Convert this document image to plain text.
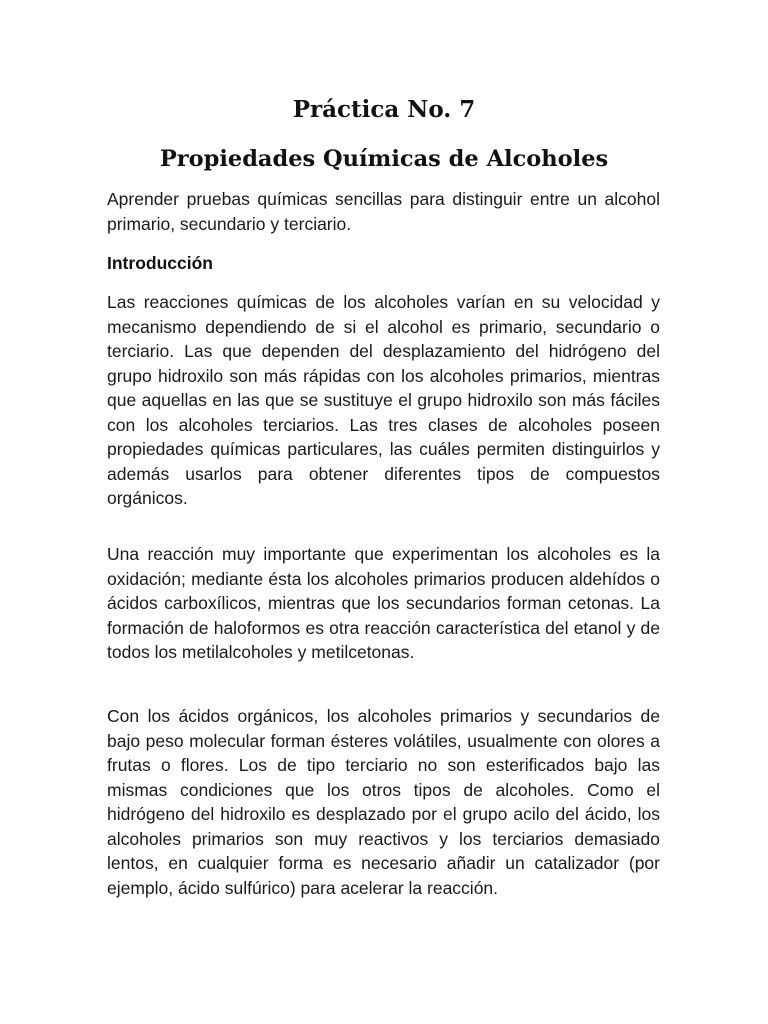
Práctica No. 7
Propiedades Químicas de Alcoholes

Aprender pruebas químicas sencillas para distinguir entre un alcohol primario, secundario y terciario.

Introducción

Las reacciones químicas de los alcoholes varían en su velocidad y mecanismo dependiendo de si el alcohol es primario, secundario o terciario. Las que dependen del desplazamiento del hidrógeno del grupo hidroxilo son más rápidas con los alcoholes primarios, mientras que aquellas en las que se sustituye el grupo hidroxilo son más fáciles con los alcoholes terciarios. Las tres clases de alcoholes poseen propiedades químicas particulares, las cuáles permiten distinguirlos y además usarlos para obtener diferentes tipos de compuestos orgánicos.

Una reacción muy importante que experimentan los alcoholes es la oxidación; mediante ésta los alcoholes primarios producen aldehídos o ácidos carboxílicos, mientras que los secundarios forman cetonas. La formación de haloformos es otra reacción característica del etanol y de todos los metilalcoholes y metilcetonas.

Con los ácidos orgánicos, los alcoholes primarios y secundarios de bajo peso molecular forman ésteres volátiles, usualmente con olores a frutas o flores. Los de tipo terciario no son esterificados bajo las mismas condiciones que los otros tipos de alcoholes. Como el hidrógeno del hidroxilo es desplazado por el grupo acilo del ácido, los alcoholes primarios son muy reactivos y los terciarios demasiado lentos, en cualquier forma es necesario añadir un catalizador (por ejemplo, ácido sulfúrico) para acelerar la reacción.
